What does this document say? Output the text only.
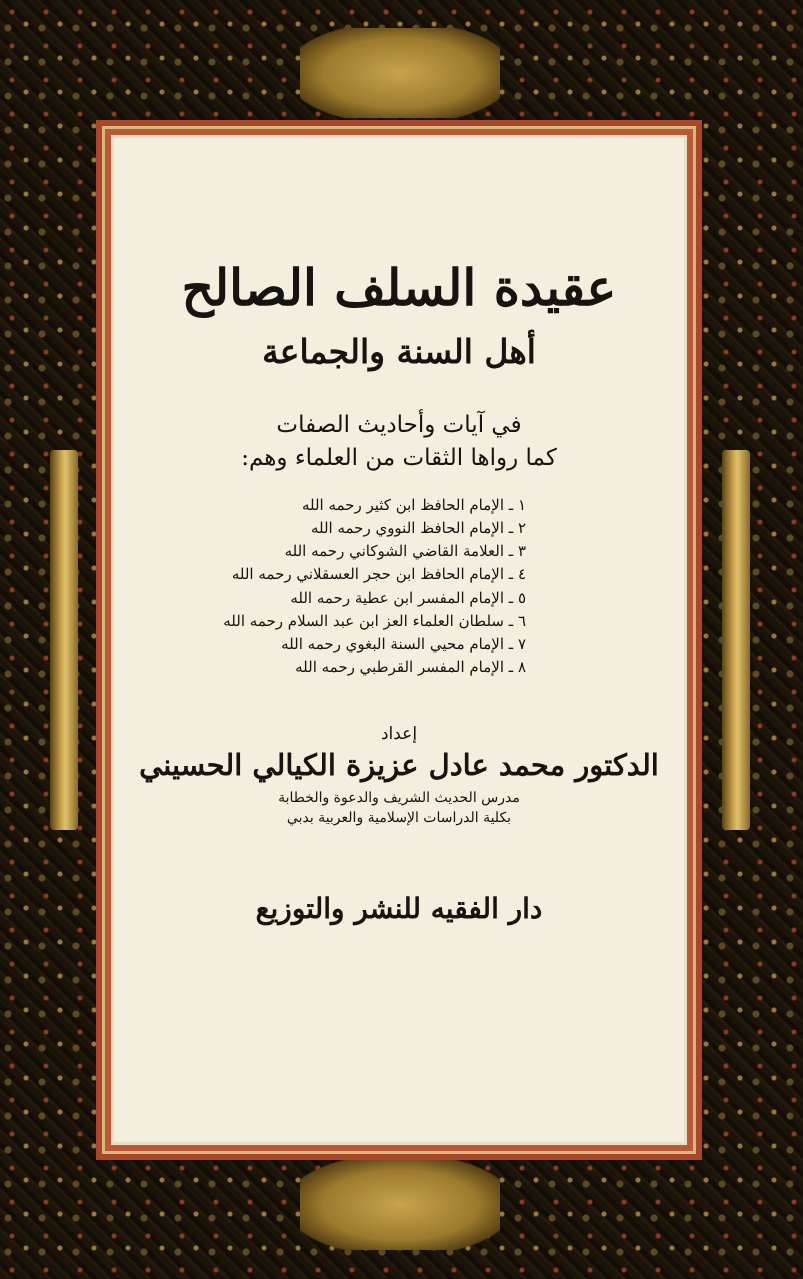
عقيدة السلف الصالح
أهل السنة والجماعة
في آيات وأحاديث الصفات
كما رواها الثقات من العلماء وهم:
١ ـ الإمام الحافظ ابن كثير رحمه الله
٢ ـ الإمام الحافظ النووي رحمه الله
٣ ـ العلامة القاضي الشوكاني رحمه الله
٤ ـ الإمام الحافظ ابن حجر العسقلاني رحمه الله
٥ ـ الإمام المفسر ابن عطية رحمه الله
٦ ـ سلطان العلماء العز ابن عبد السلام رحمه الله
٧ ـ الإمام محيي السنة البغوي رحمه الله
٨ ـ الإمام المفسر القرطبي رحمه الله
إعداد
الدكتور محمد عادل عزيزة الكيالي الحسيني
مدرس الحديث الشريف والدعوة والخطابة
بكلية الدراسات الإسلامية والعربية بدبي
دار الفقيه للنشر والتوزيع
